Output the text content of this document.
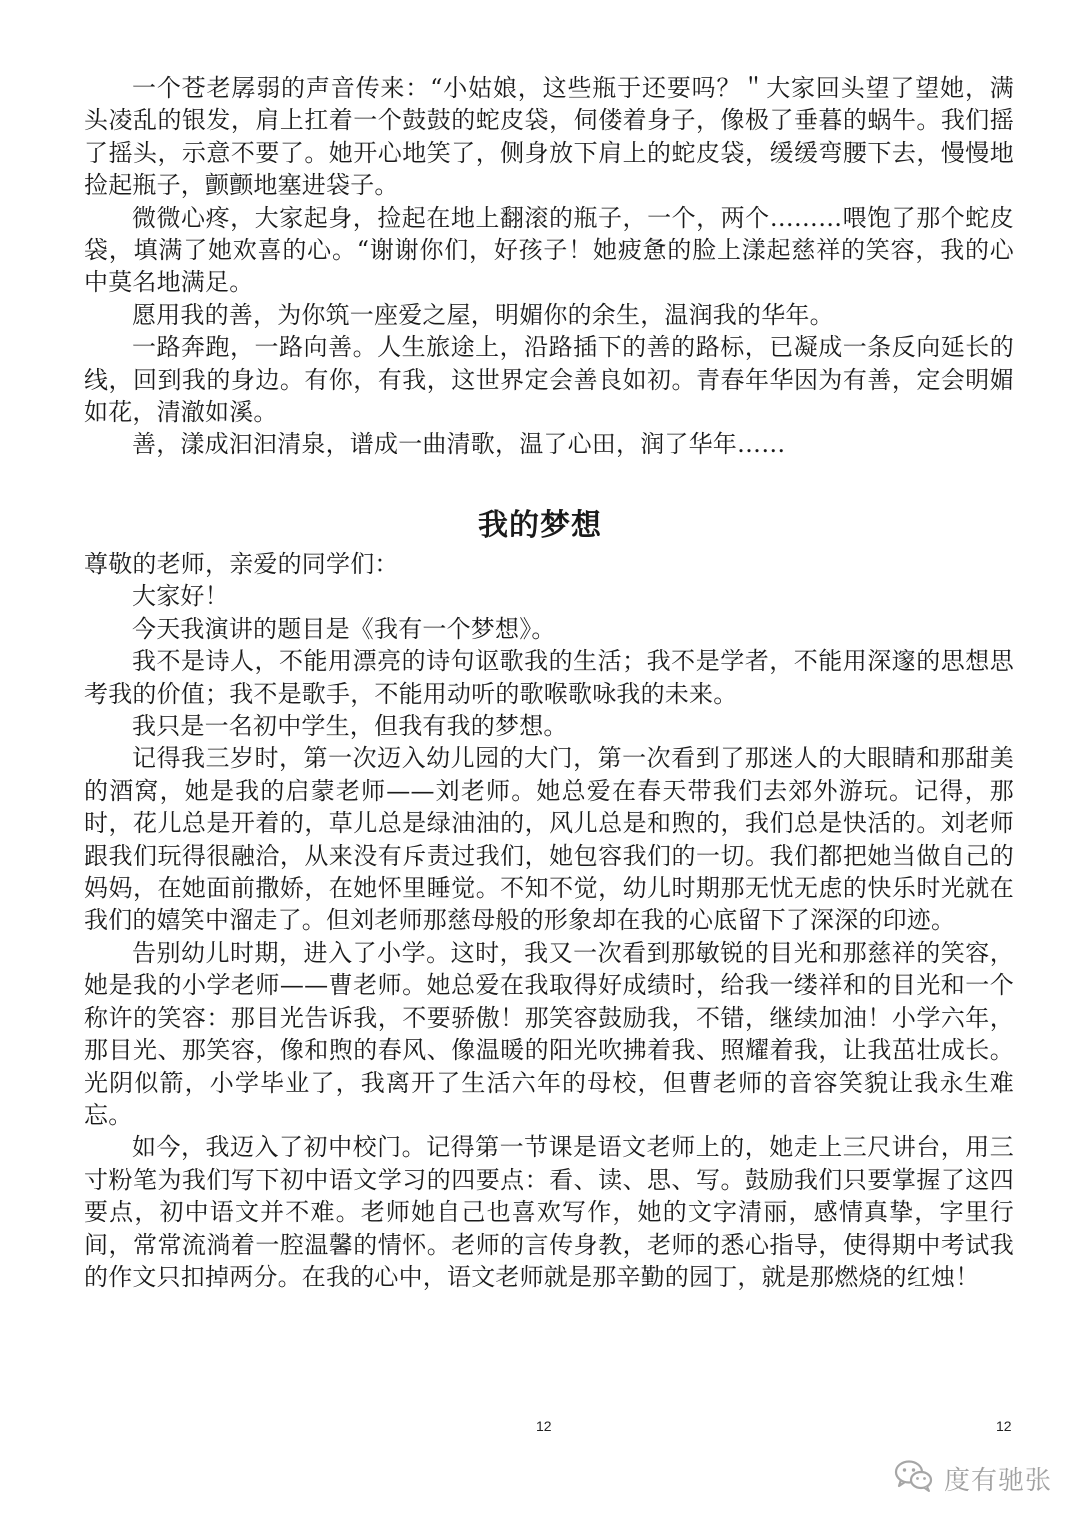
一个苍老孱弱的声音传来：“小姑娘，这些瓶于还要吗？＂大家回头望了望她，满头凌乱的银发，肩上扛着一个鼓鼓的蛇皮袋，伺偻着身子，像极了垂暮的蜗牛。我们摇了摇头，示意不要了。她开心地笑了，侧身放下肩上的蛇皮袋，缓缓弯腰下去，慢慢地捡起瓶子，颤颤地塞进袋子。

微微心疼，大家起身，捡起在地上翻滚的瓶子，一个，两个………喂饱了那个蛇皮袋，填满了她欢喜的心。“谢谢你们，好孩子！她疲惫的脸上漾起慈祥的笑容，我的心中莫名地满足。

愿用我的善，为你筑一座爱之屋，明媚你的余生，温润我的华年。

一路奔跑，一路向善。人生旅途上，沿路插下的善的路标，已凝成一条反向延长的线，回到我的身边。有你，有我，这世界定会善良如初。青春年华因为有善，定会明媚如花，清澈如溪。

善，漾成汩汩清泉，谱成一曲清歌，温了心田，润了华年……

我的梦想

尊敬的老师，亲爱的同学们：

大家好！

今天我演讲的题目是《我有一个梦想》。

我不是诗人，不能用漂亮的诗句讴歌我的生活；我不是学者，不能用深邃的思想思考我的价值；我不是歌手，不能用动听的歌喉歌咏我的未来。

我只是一名初中学生，但我有我的梦想。

记得我三岁时，第一次迈入幼儿园的大门，第一次看到了那迷人的大眼睛和那甜美的酒窝，她是我的启蒙老师——刘老师。她总爱在春天带我们去郊外游玩。记得，那时，花儿总是开着的，草儿总是绿油油的，风儿总是和煦的，我们总是快活的。刘老师跟我们玩得很融洽，从来没有斥责过我们，她包容我们的一切。我们都把她当做自己的妈妈，在她面前撒娇，在她怀里睡觉。不知不觉，幼儿时期那无忧无虑的快乐时光就在我们的嬉笑中溜走了。但刘老师那慈母般的形象却在我的心底留下了深深的印迹。

告别幼儿时期，进入了小学。这时，我又一次看到那敏锐的目光和那慈祥的笑容，她是我的小学老师——曹老师。她总爱在我取得好成绩时，给我一缕祥和的目光和一个称许的笑容：那目光告诉我，不要骄傲！那笑容鼓励我，不错，继续加油！小学六年，那目光、那笑容，像和煦的春风、像温暖的阳光吹拂着我、照耀着我，让我茁壮成长。光阴似箭，小学毕业了，我离开了生活六年的母校，但曹老师的音容笑貌让我永生难忘。

如今，我迈入了初中校门。记得第一节课是语文老师上的，她走上三尺讲台，用三寸粉笔为我们写下初中语文学习的四要点：看、读、思、写。鼓励我们只要掌握了这四要点，初中语文并不难。老师她自己也喜欢写作，她的文字清丽，感情真挚，字里行间，常常流淌着一腔温馨的情怀。老师的言传身教，老师的悉心指导，使得期中考试我的作文只扣掉两分。在我的心中，语文老师就是那辛勤的园丁，就是那燃烧的红烛！

12	12
度有驰张
